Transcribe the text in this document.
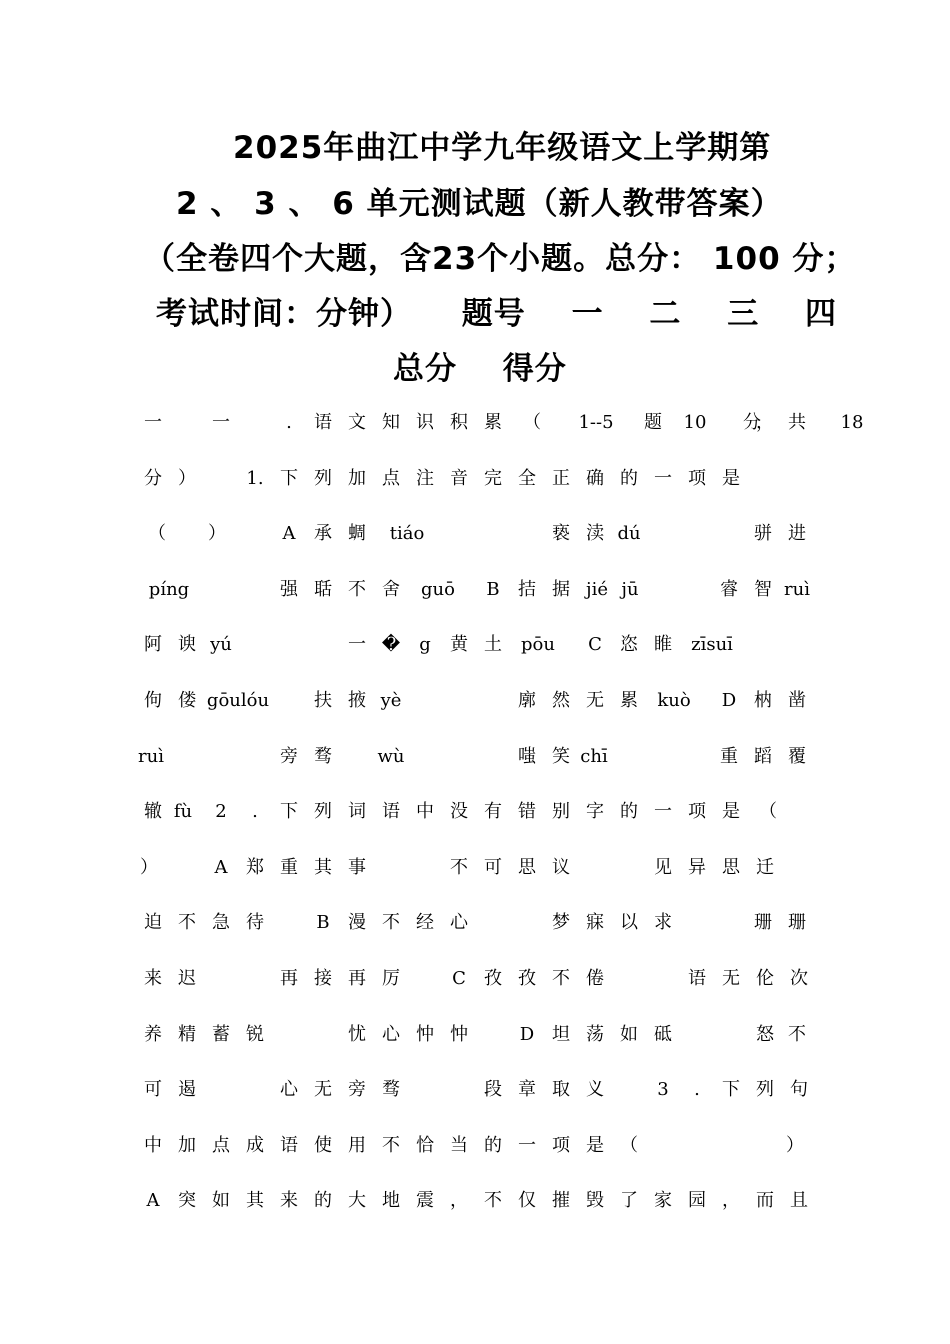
2025年曲江中学九年级语文上学期第
2 、 3 、 6 单元测试题（新人教带答案）
（全卷四个大题，含23个小题。总分： 100 分；
考试时间：分钟） 题号 一 二 三 四
总分 得分
一	一	. 语 文 知 识 积 累 （ 1--5 题 10 分
， 共 18
分 ）	1. 下 列 加 点 注 音 完 全 正 确 的 一 项 是
（ ）	A 承 蜩 tiáo	亵 渎 dú	骈 进
píng	强 聒 不 舍 guō B 拮 据 jié jū	睿 智 ruì
阿 谀 yú	一 � g 黄 土 pōu C 恣 睢 zīsuī
佝 偻 gōulóu 扶 掖 yè	廓 然 无 累 kuò D 枘 凿
ruì	旁 骛	wù	嗤 笑 chī	重 蹈 覆
辙 fù 2 . 下 列 词 语 中 没 有 错 别 字 的 一 项 是 （
）	A 郑 重 其 事	不 可 思 议	见 异 思 迁
迫 不 急 待	B 漫 不 经 心	梦 寐 以 求	珊 珊
来 迟	再 接 再 厉	C 孜 孜 不 倦	语 无 伦 次
养 精 蓄 锐	忧 心 忡 忡	D 坦 荡 如 砥	怒 不
可 遏	心 无 旁 骛	段 章 取 义	3 . 下 列 句
中 加 点 成 语 使 用 不 恰 当 的 一 项 是 （	）
A 突 如 其 来 的 大 地 震 ， 不 仅 摧 毁 了 家 园 ， 而 且
